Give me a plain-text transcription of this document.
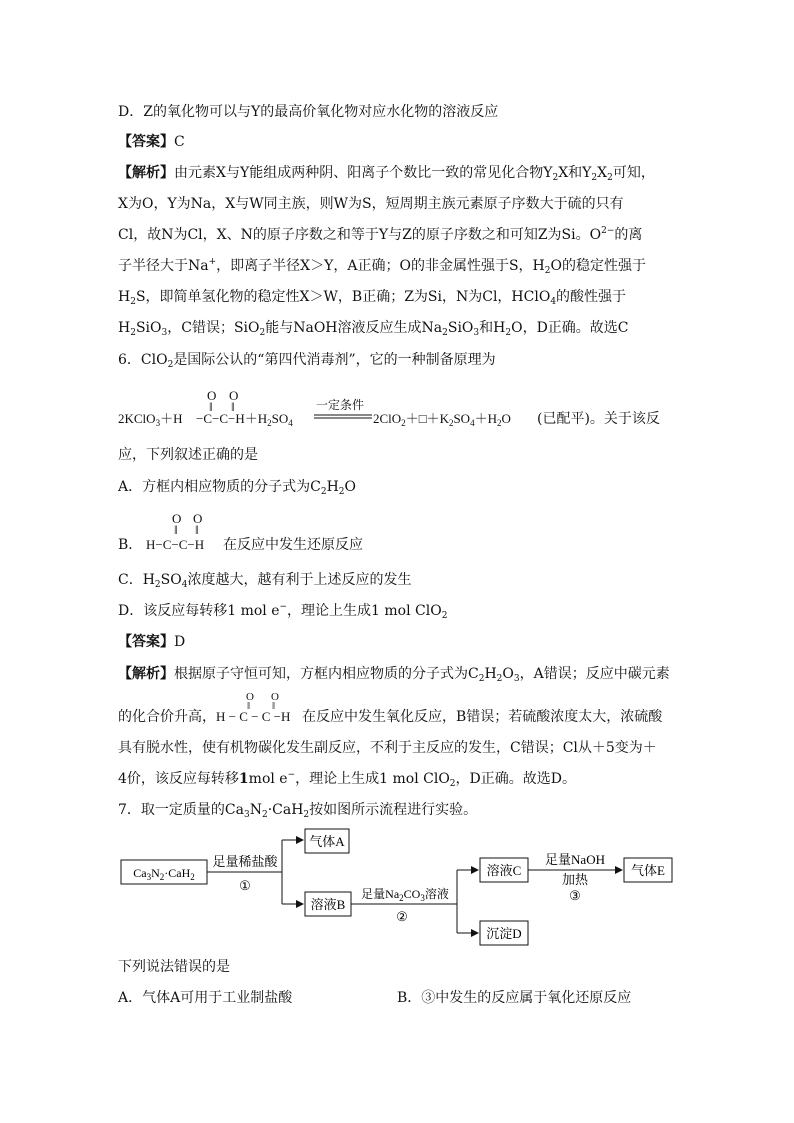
D．Z的氧化物可以与Y的最高价氧化物对应水化物的溶液反应
【答案】C
【解析】由元素X与Y能组成两种阴、阳离子个数比一致的常见化合物$Y_2X$和$Y_2X_2$可知，
X为O，Y为Na，X与W同主族，则W为S，短周期主族元素原子序数大于硫的只有
Cl，故N为Cl，X、N的原子序数之和等于Y与Z的原子序数之和可知Z为Si。$O^{2-}$的离
子半径大于Na+，即离子半径X＞Y，A正确；O的非金属性强于S，$H_2O$的稳定性强于
$H_2S$，即简单氢化物的稳定性X＞W，B正确；Z为Si，N为Cl，HClO$_4$的酸性强于
$H_2SiO_3$，C错误；SiO$_2$能与NaOH溶液反应生成$Na_2SiO_3$和$H_2O$，D正确。故选C
6．ClO$_2$是国际公认的“第四代消毒剂”，它的一种制备原理为
2KClO$_3$＋H
O O
‖ ‖
$-C-C-H+H_2SO_4$
一定条件
$2ClO_2+□+K_2SO_4+H_2O$ (已配平)。关于该反
应，下列叙述正确的是
A．方框内相应物质的分子式为$C_2H_2O$
O O
‖ ‖
B． H−C−C−H 在反应中发生还原反应
C．$H_2SO_4$浓度越大，越有利于上述反应的发生
D．该反应每转移1 mol e−，理论上生成1 mol ClO$_2$
【答案】D
【解析】根据原子守恒可知，方框内相应物质的分子式为$C_2H_2O_3$，A错误；反应中碳元素
的化合价升高，
O O
‖ ‖
H − C − C −H 在反应中发生氧化反应，B错误；若硫酸浓度太大，浓硫酸
具有脱水性，使有机物碳化发生副反应，不利于主反应的发生，C错误；Cl从＋5变为＋
4价，该反应每转移1mol e−，理论上生成1 mol ClO$_2$，D正确。故选D。
7．取一定质量的$Ca_3N_2\cdot CaH_2$按如图所示流程进行实验。
$Ca_3N_2\cdot CaH_2$
足量稀盐酸
①
气体A
溶液B
足量$Na_2CO_3$溶液
②
溶液C
沉淀D
足量NaOH
加热
③
气体E
下列说法错误的是
A．气体A可用于工业制盐酸	B．③中发生的反应属于氧化还原反应
